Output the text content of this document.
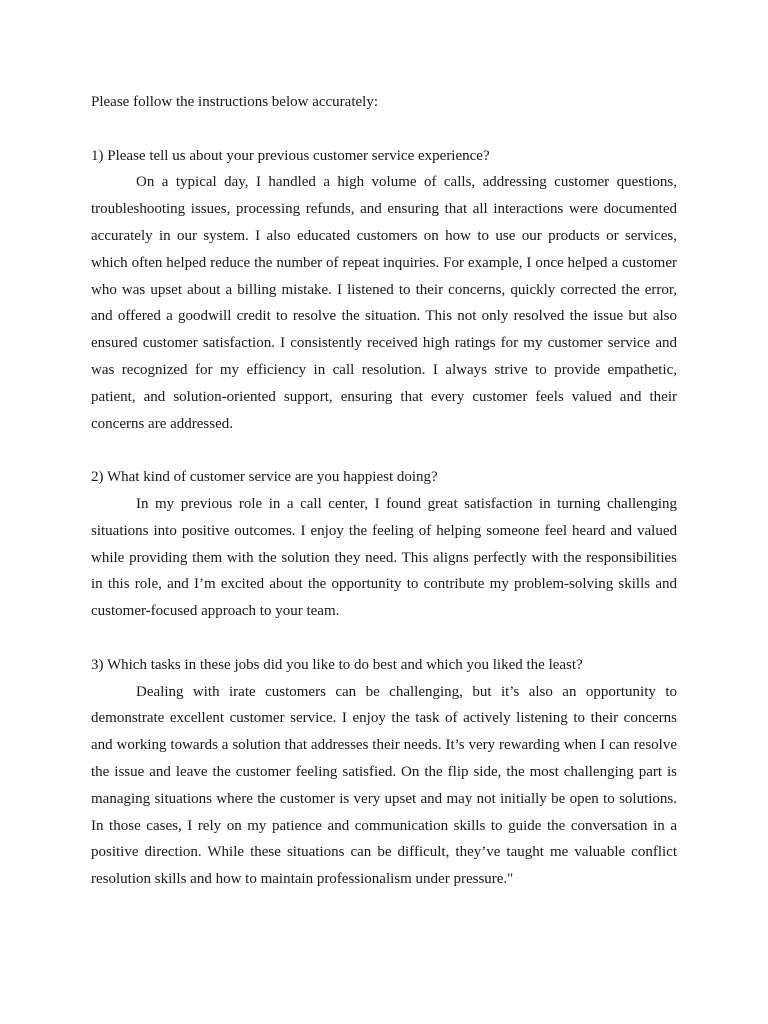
Please follow the instructions below accurately:

1) Please tell us about your previous customer service experience?

On a typical day, I handled a high volume of calls, addressing customer questions, troubleshooting issues, processing refunds, and ensuring that all interactions were documented accurately in our system. I also educated customers on how to use our products or services, which often helped reduce the number of repeat inquiries. For example, I once helped a customer who was upset about a billing mistake. I listened to their concerns, quickly corrected the error, and offered a goodwill credit to resolve the situation. This not only resolved the issue but also ensured customer satisfaction. I consistently received high ratings for my customer service and was recognized for my efficiency in call resolution. I always strive to provide empathetic, patient, and solution-oriented support, ensuring that every customer feels valued and their concerns are addressed.

2) What kind of customer service are you happiest doing?

In my previous role in a call center, I found great satisfaction in turning challenging situations into positive outcomes. I enjoy the feeling of helping someone feel heard and valued while providing them with the solution they need. This aligns perfectly with the responsibilities in this role, and I’m excited about the opportunity to contribute my problem-solving skills and customer-focused approach to your team.

3) Which tasks in these jobs did you like to do best and which you liked the least?

Dealing with irate customers can be challenging, but it’s also an opportunity to demonstrate excellent customer service. I enjoy the task of actively listening to their concerns and working towards a solution that addresses their needs. It’s very rewarding when I can resolve the issue and leave the customer feeling satisfied. On the flip side, the most challenging part is managing situations where the customer is very upset and may not initially be open to solutions. In those cases, I rely on my patience and communication skills to guide the conversation in a positive direction. While these situations can be difficult, they’ve taught me valuable conflict resolution skills and how to maintain professionalism under pressure."
